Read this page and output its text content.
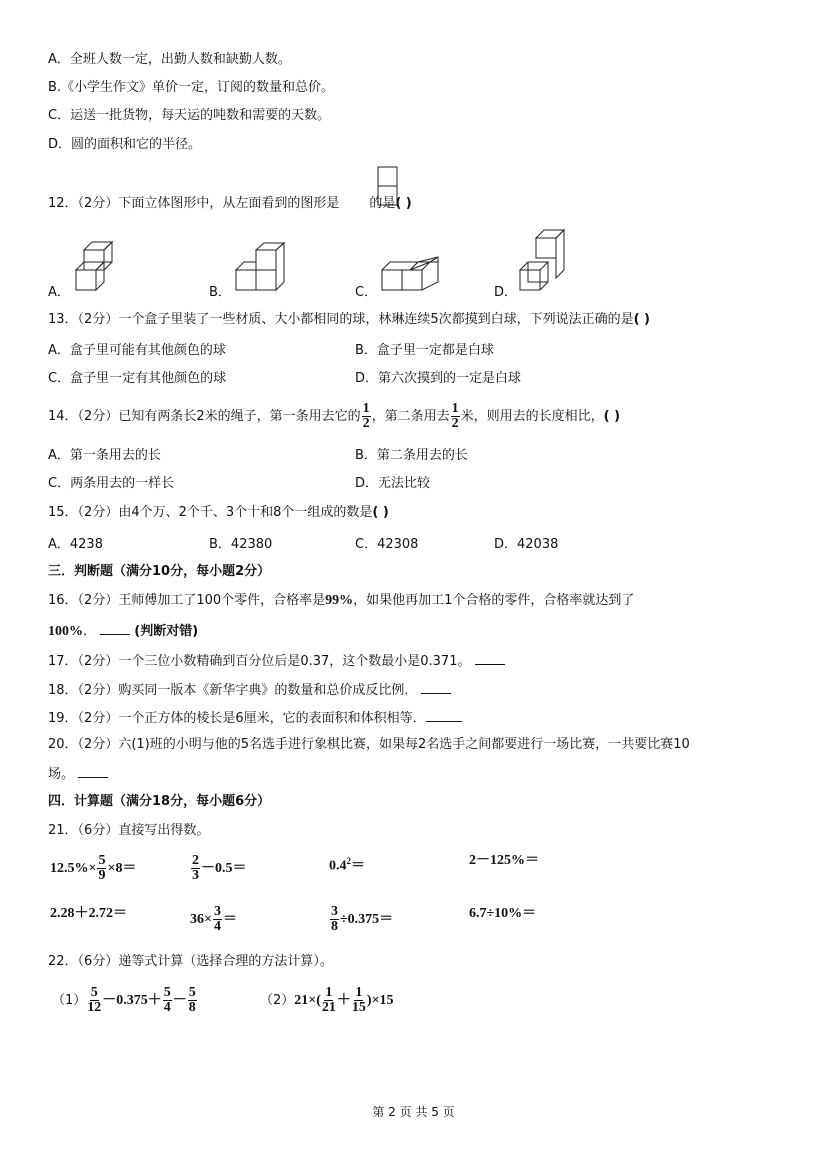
A．全班人数一定，出勤人数和缺勤人数。
B.《小学生作文》单价一定，订阅的数量和总价。
C．运送一批货物，每天运的吨数和需要的天数。
D．圆的面积和它的半径。
12．（2分）下面立体图形中，从左面看到的图形是 的是( )
A．	B．	C．	D．
13．（2分）一个盒子里装了一些材质、大小都相同的球，林琳连续5次都摸到白球，下列说法正确的是( )
A．盒子里可能有其他颜色的球	B．盒子里一定都是白球
C．盒子里一定有其他颜色的球	D．第六次摸到的一定是白球
14．（2分）已知有两条长2米的绳子，第一条用去它的 $\frac{1}{2}$ ，第二条用去 $\frac{1}{2}$ 米，则用去的长度相比，( )
A．第一条用去的长	B．第二条用去的长
C．两条用去的一样长	D．无法比较
15．（2分）由4个万、2个千、3个十和8个一组成的数是( )
A．4238	B．42380	C．42308	D．42038
三．判断题（满分10分，每小题2分）
16．（2分）王师傅加工了100个零件，合格率是99%，如果他再加工1个合格的零件，合格率就达到了
100%．	(判断对错)
17．（2分）一个三位小数精确到百分位后是0.37，这个数最小是0.371。
18．（2分）购买同一版本《新华字典》的数量和总价成反比例．
19．（2分）一个正方体的棱长是6厘米，它的表面积和体积相等．
20．（2分）六(1)班的小明与他的5名选手进行象棋比赛，如果每2名选手之间都要进行一场比赛，一共要比赛10
场。
四．计算题（满分18分，每小题6分）
21．（6分）直接写出得数。
$12.5\%\times \frac{5}{9} \times 8=$	$\frac{2}{3} -0.5=$	$0.4^2=$	2－125%＝
2.28＋2.72＝	$36\times \frac{3}{4}$ ＝	$\frac{3}{8} \div 0.375=$	6.7÷10%＝
22．（6分）递等式计算（选择合理的方法计算）。
$(1) \frac{5}{12} -0.375+ \frac{5}{4} - \frac{5}{8}$	$(2)21\times( \frac{1}{21} + \frac{1}{15} )\times 15$
第 2 页 共 5 页
